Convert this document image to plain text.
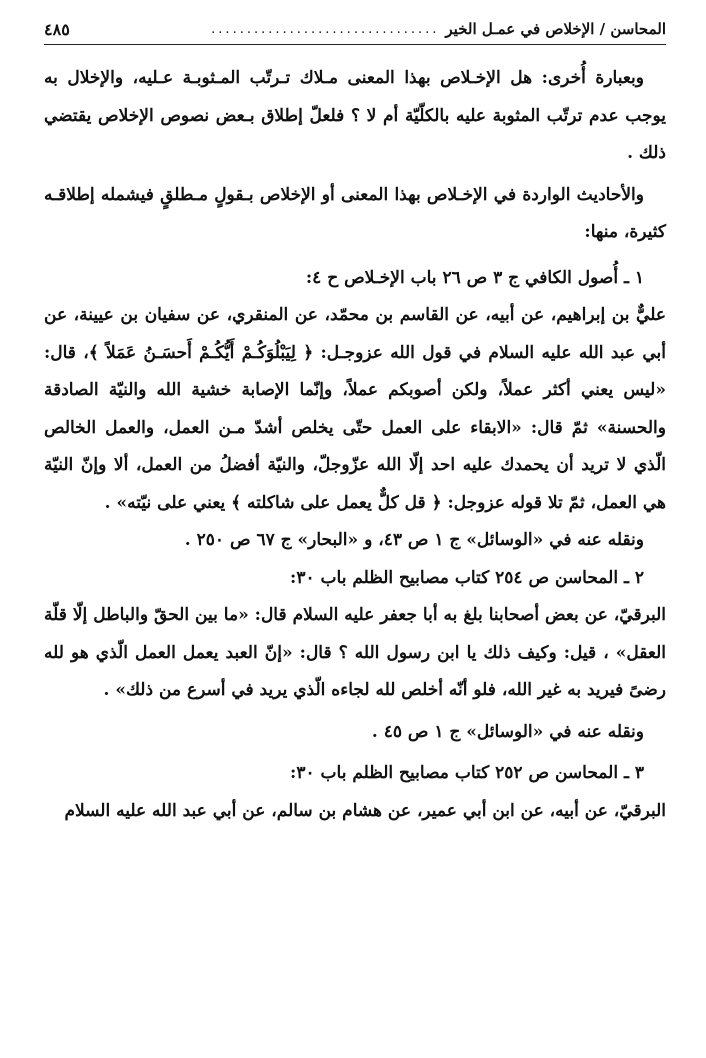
المحاسن / الإخلاص في عمـل الخير
................................
٤٨٥

وبعبارة أُخرى: هل الإخـلاص بهذا المعنى مـلاك تـرتّب المـثوبـة عـليه، والإخلال به يوجب عدم ترتّب المثوبة عليه بالكلّيّة أم لا ؟ فلعلّ إطلاق بـعض نصوص الإخلاص يقتضي ذلك .

والأحاديث الواردة في الإخـلاص بهذا المعنى أو الإخلاص بـقولٍ مـطلقٍ فيشمله إطلاقـه كثيرة، منها:

١ ـ أُصول الكافي ج ٣ ص ٢٦ باب الإخـلاص ح ٤:

عليٌّ بن إبراهيم، عن أبيه، عن القاسم بن محمّد، عن المنقري، عن سفيان بن عيينة، عن أبي عبد الله عليه السلام في قول الله عزوجـل: ﴿ لِيَبْلُوَكُـمْ أَيُّكُـمْ أَحسَـنُ عَمَلاً ﴾، قال: «ليس يعني أكثر عملاً، ولكن أصوبكم عملاً، وإنّما الإصابة خشية الله والنيّة الصادقة والحسنة» ثمّ قال: «الابقاء على العمل حتّى يخلص أشدّ مـن العمل، والعمل الخالص الّذي لا تريد أن يحمدك عليه احد إلّا الله عزّوجلّ، والنيّة أفضلُ من العمل، ألا وإنّ النيّة هي العمل، ثمّ تلا قوله عزوجل: ﴿ قل كلٌّ يعمل على شاكلته ﴾ يعني على نيّته» .

ونقله عنه في «الوسائل» ج ١ ص ٤٣، و «البحار» ج ٦٧ ص ٢٥٠ .

٢ ـ المحاسن ص ٢٥٤ كتاب مصابيح الظلم باب ٣٠:

البرقيّ، عن بعض أصحابنا بلغ به أبا جعفر عليه السلام قال: «ما بين الحقّ والباطل إلّا قلّة العقل» ، قيل: وكيف ذلك يا ابن رسول الله ؟ قال: «إنّ العبد يعمل العمل الّذي هو لله رضىً فيريد به غير الله، فلو أنّه أخلص لله لجاءه الّذي يريد في أسرع من ذلك» .

ونقله عنه في «الوسائل» ج ١ ص ٤٥ .

٣ ـ المحاسن ص ٢٥٢ كتاب مصابيح الظلم باب ٣٠:

البرقيّ، عن أبيه، عن ابن أبي عمير، عن هشام بن سالم، عن أبي عبد الله عليه السلام
